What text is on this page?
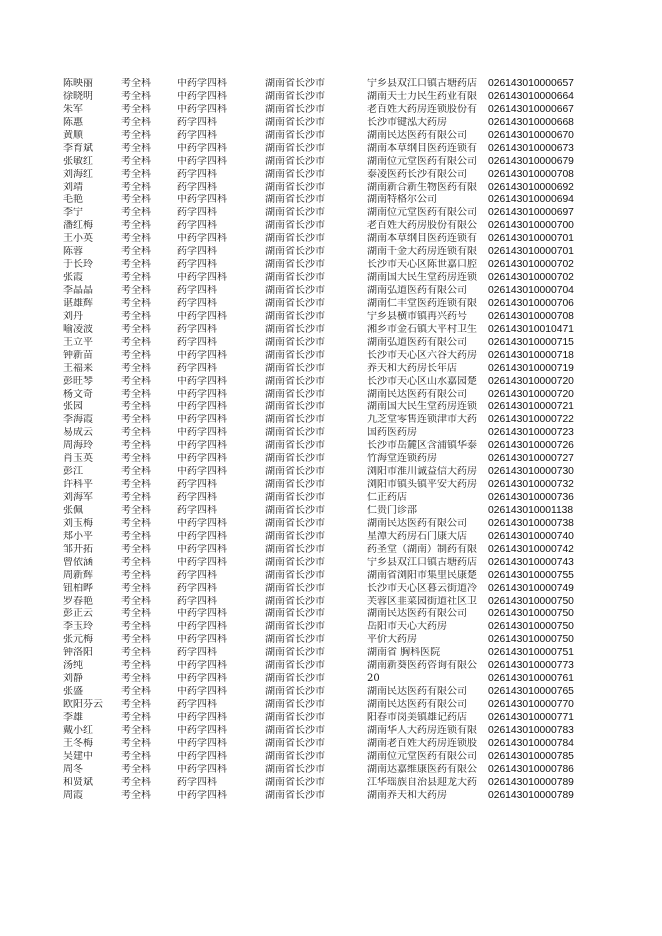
陈映丽	考全科	中药学四科	湖南省长沙市	宁乡县双江口镇古塘药店	026143010000657
徐晓明	考全科	中药学四科	湖南省长沙市	湖南天士力民生药业有限	026143010000664
朱军	考全科	中药学四科	湖南省长沙市	老百姓大药房连锁股份有	026143010000667
陈惠	考全科	药学四科	湖南省长沙市	长沙市键泓大药房	026143010000668
黄顺	考全科	药学四科	湖南省长沙市	湖南民达医药有限公司	026143010000670
李育斌	考全科	中药学四科	湖南省长沙市	湖南本草纲目医药连锁有	026143010000673
张敏红	考全科	中药学四科	湖南省长沙市	湖南位元堂医药有限公司	026143010000679
刘海红	考全科	药学四科	湖南省长沙市	泰凌医药长沙有限公司	026143010000708
刘靖	考全科	药学四科	湖南省长沙市	湖南新合新生物医药有限	026143010000692
毛艳	考全科	中药学四科	湖南省长沙市	湖南特格尔公司	026143010000694
李宁	考全科	药学四科	湖南省长沙市	湖南位元堂医药有限公司	026143010000697
潘红梅	考全科	药学四科	湖南省长沙市	老百姓大药房股份有限公	026143010000700
王小英	考全科	中药学四科	湖南省长沙市	湖南本草纲目医药连锁有	026143010000701
陈蓉	考全科	药学四科	湖南省长沙市	湖南千金大药房连锁有限	026143010000701
于长玲	考全科	药学四科	湖南省长沙市	长沙市天心区陈世嘉口腔	026143010000702
张霞	考全科	中药学四科	湖南省长沙市	湖南国大民生堂药房连锁	026143010000702
李晶晶	考全科	药学四科	湖南省长沙市	湖南弘道医药有限公司	026143010000704
谌雄辉	考全科	药学四科	湖南省长沙市	湖南仁丰堂医药连锁有限	026143010000706
刘丹	考全科	中药学四科	湖南省长沙市	宁乡县横市镇再兴药号	026143010000708
喻凌波	考全科	药学四科	湖南省长沙市	湘乡市金石镇大平村卫生	026143010010471
王立平	考全科	药学四科	湖南省长沙市	湖南弘道医药有限公司	026143010000715
钟新苗	考全科	中药学四科	湖南省长沙市	长沙市天心区六谷大药房	026143010000718
王福来	考全科	药学四科	湖南省长沙市	养天和大药房长年店	026143010000719
彭旺琴	考全科	中药学四科	湖南省长沙市	长沙市天心区山水嘉园楚	026143010000720
杨文奇	考全科	中药学四科	湖南省长沙市	湖南民达医药有限公司	026143010000720
张园	考全科	中药学四科	湖南省长沙市	湖南国大民生堂药房连锁	026143010000721
李海霞	考全科	中药学四科	湖南省长沙市	九芝堂零售连锁津市大药	026143010000722
易成云	考全科	中药学四科	湖南省长沙市	国药医药房	026143010000723
周海玲	考全科	中药学四科	湖南省长沙市	长沙市岳麓区含浦镇华泰	026143010000726
肖玉英	考全科	中药学四科	湖南省长沙市	竹海堂连锁药房	026143010000727
彭江	考全科	中药学四科	湖南省长沙市	浏阳市淮川诚益信大药房	026143010000730
许科平	考全科	药学四科	湖南省长沙市	浏阳市镇头镇平安大药房	026143010000732
刘海军	考全科	药学四科	湖南省长沙市	仁正药店	026143010000736
张佩	考全科	药学四科	湖南省长沙市	仁贵门诊部	026143010001138
刘玉梅	考全科	中药学四科	湖南省长沙市	湖南民达医药有限公司	026143010000738
郑小平	考全科	中药学四科	湖南省长沙市	星潭大药房石门康大店	026143010000740
邹开拓	考全科	中药学四科	湖南省长沙市	药圣堂（湖南）制药有限	026143010000742
曾依涵	考全科	中药学四科	湖南省长沙市	宁乡县双江口镇古塘药店	026143010000743
周新辉	考全科	药学四科	湖南省长沙市	湖南省浏阳市集里民康楚	026143010000755
钮柏晔	考全科	药学四科	湖南省长沙市	长沙市天心区暮云街道冷	026143010000749
罗春艳	考全科	药学四科	湖南省长沙市	芙蓉区韭菜园街道社区卫	026143010000750
彭正云	考全科	中药学四科	湖南省长沙市	湖南民达医药有限公司	026143010000750
李玉玲	考全科	中药学四科	湖南省长沙市	岳阳市天心大药房	026143010000750
张元梅	考全科	中药学四科	湖南省长沙市	平价大药房	026143010000750
钟洛阳	考全科	药学四科	湖南省长沙市	湖南省 胸科医院	026143010000751
汤纯	考全科	中药学四科	湖南省长沙市	湖南新葵医药咨询有限公	026143010000773
刘静	考全科	中药学四科	湖南省长沙市	20	026143010000761
张盛	考全科	中药学四科	湖南省长沙市	湖南民达医药有限公司	026143010000765
欧阳芬云	考全科	药学四科	湖南省长沙市	湖南民达医药有限公司	026143010000770
李雄	考全科	中药学四科	湖南省长沙市	阳春市岗美镇雄记药店	026143010000771
戴小红	考全科	中药学四科	湖南省长沙市	湖南华人大药房连锁有限	026143010000783
王冬梅	考全科	中药学四科	湖南省长沙市	湖南老百姓大药房连锁股	026143010000784
吴建中	考全科	中药学四科	湖南省长沙市	湖南位元堂医药有限公司	026143010000785
周冬	考全科	中药学四科	湖南省长沙市	湖南达嘉维康医药有限公	026143010000786
和贤斌	考全科	药学四科	湖南省长沙市	江华瑶族自治县迎龙大药	026143010000789
周霞	考全科	中药学四科	湖南省长沙市	湖南养天和大药房	026143010000789
